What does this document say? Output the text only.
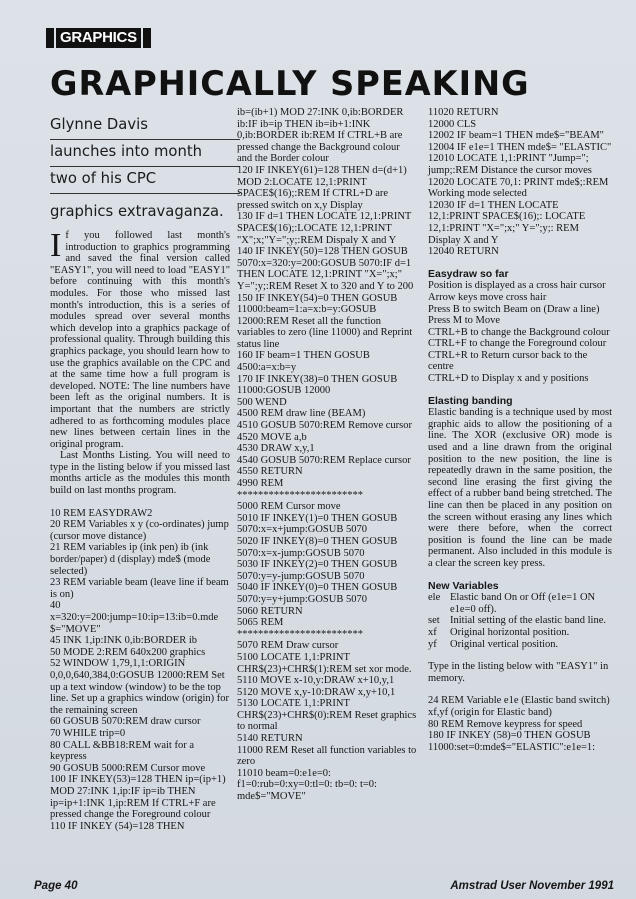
GRAPHICS
GRAPHICALLY SPEAKING
Glynne Davis
launches into month
two of his CPC
graphics extravaganza.

If you followed last month's introduction to graphics programming and saved the final version called "EASY1", you will need to load "EASY1" before continuing with this month's modules. For those who missed last month's introduction, this is a series of modules spread over several months which develop into a graphics package of professional quality. Through building this graphics package, you should learn how to use the graphics available on the CPC and at the same time how a full program is developed. NOTE: The line numbers have been left as the original numbers. It is important that the numbers are strictly adhered to as forthcoming modules place new lines between certain lines in the original program.

Last Months Listing. You will need to type in the listing below if you missed last months article as the modules this month build on last months program.

10 REM EASYDRAW2
20 REM Variables x y (co-ordinates) jump (cursor move distance)
21 REM variables ip (ink pen) ib (ink border/paper) d (display) mde$ (mode selected)
23 REM variable beam (leave line if beam is on)
40 x=320:y=200:jump=10:ip=13:ib=0.mde $="MOVE"
45 INK 1,ip:INK 0,ib:BORDER ib
50 MODE 2:REM 640x200 graphics
52 WINDOW 1,79,1,1:ORIGIN 0,0,0,640,384,0:GOSUB 12000:REM Set up a text window (window) to be the top line. Set up a graphics window (origin) for the remaining screen
60 GOSUB 5070:REM draw cursor
70 WHILE trip=0
80 CALL &BB18:REM wait for a keypress
90 GOSUB 5000:REM Cursor move
100 IF INKEY(53)=128 THEN ip=(ip+1) MOD 27:INK 1,ip:IF ip=ib THEN ip=ip+1:INK 1,ip:REM If CTRL+F are pressed change the Foreground colour
110 IF INKEY (54)=128 THEN

ib=(ib+1) MOD 27:INK 0,ib:BORDER ib:IF ib=ip THEN ib=ib+1:INK 0,ib:BORDER ib:REM If CTRL+B are pressed change the Background colour and the Border colour
120 IF INKEY(61)=128 THEN d=(d+1) MOD 2:LOCATE 12,1:PRINT SPACE$(16);:REM If CTRL+D are pressed switch on x,y Display
130 IF d=1 THEN LOCATE 12,1:PRINT SPACE$(16);:LOCATE 12,1:PRINT "X";x;"Y=";y;:REM Dispaly X and Y
140 IF INKEY(50)=128 THEN GOSUB 5070:x=320:y=200:GOSUB 5070:IF d=1 THEN LOCATE 12,1:PRINT "X=";x;" Y=";y;:REM Reset X to 320 and Y to 200
150 IF INKEY(54)=0 THEN GOSUB 11000:beam=1:a=x:b=y:GOSUB 12000:REM Reset all the function variables to zero (line 11000) and Reprint status line
160 IF beam=1 THEN GOSUB 4500:a=x:b=y
170 IF INKEY(38)=0 THEN GOSUB 11000:GOSUB 12000
500 WEND
4500 REM draw line (BEAM)
4510 GOSUB 5070:REM Remove cursor
4520 MOVE a,b
4530 DRAW x,y,1
4540 GOSUB 5070:REM Replace cursor
4550 RETURN
4990 REM
************************
5000 REM Cursor move
5010 IF INKEY(1)=0 THEN GOSUB 5070:x=x+jump:GOSUB 5070
5020 IF INKEY(8)=0 THEN GOSUB 5070:x=x-jump:GOSUB 5070
5030 IF INKEY(2)=0 THEN GOSUB 5070:y=y-jump:GOSUB 5070
5040 IF INKEY(0)=0 THEN GOSUB 5070:y=y+jump:GOSUB 5070
5060 RETURN
5065 REM
************************
5070 REM Draw cursor
5100 LOCATE 1,1:PRINT CHR$(23)+CHR$(1):REM set xor mode.
5110 MOVE x-10,y:DRAW x+10,y,1
5120 MOVE x,y-10:DRAW x,y+10,1
5130 LOCATE 1,1:PRINT CHR$(23)+CHR$(0):REM Reset graphics to normal
5140 RETURN
11000 REM Reset all function variables to zero
11010 beam=0:e1e=0: f1=0:rub=0:xy=0:tl=0: tb=0: t=0: mde$="MOVE"

11020 RETURN
12000 CLS
12002 IF beam=1 THEN mde$="BEAM"
12004 IF e1e=1 THEN mde$= "ELASTIC"
12010 LOCATE 1,1:PRINT "Jump="; jump;:REM Distance the cursor moves
12020 LOCATE 70,1: PRINT mde$;:REM Working mode selected
12030 IF d=1 THEN LOCATE 12,1:PRINT SPACE$(16);: LOCATE 12,1:PRINT "X=";x;" Y=";y;: REM Display X and Y
12040 RETURN

Easydraw so far

Position is displayed as a cross hair cursor
Arrow keys move cross hair
Press B to switch Beam on (Draw a line)
Press M to Move
CTRL+B to change the Background colour
CTRL+F to change the Foreground colour
CTRL+R to Return cursor back to the centre
CTRL+D to Display x and y positions

Elasting banding

Elastic banding is a technique used by most graphic aids to allow the positioning of a line. The XOR (exclusive OR) mode is used and a line drawn from the original position to the new position, the line is repeatedly drawn in the same position, the second line erasing the first giving the effect of a rubber band being stretched. The line can then be placed in any position on the screen without erasing any lines which were there before, when the correct position is found the line can be made permanent. Also included in this module is a clear the screen key press.

New Variables

ele Elastic band On or Off (e1e=1 ON e1e=0 off).
set Initial setting of the elastic band line.
xf	Original horizontal position.
yf	Original vertical position.

Type in the listing below with "EASY1" in memory.

24 REM Variable e1e (Elastic band switch) xf,yf (origin for Elastic band)
80 REM Remove keypress for speed
180 IF INKEY (58)=0 THEN GOSUB 11000:set=0:mde$="ELASTIC":e1e=1:

Page 40	Amstrad User November 1991
